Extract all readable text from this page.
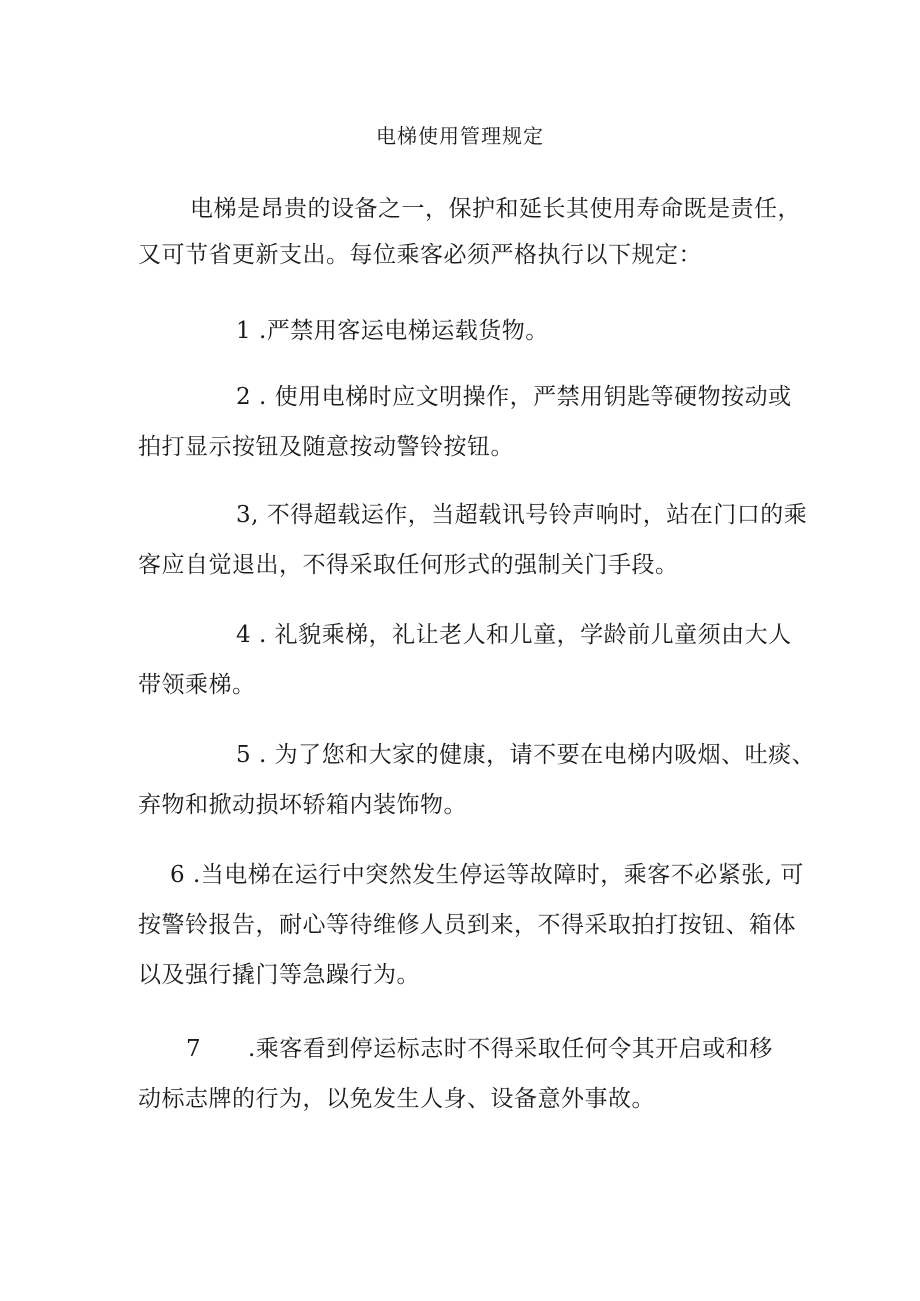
电梯使用管理规定
电梯是昂贵的设备之一，保护和延长其使用寿命既是责任，
又可节省更新支出。每位乘客必须严格执行以下规定：
1 .严禁用客运电梯运载货物。
2 . 使用电梯时应文明操作，严禁用钥匙等硬物按动或
拍打显示按钮及随意按动警铃按钮。
3, 不得超载运作，当超载讯号铃声响时，站在门口的乘
客应自觉退出，不得采取任何形式的强制关门手段。
4 . 礼貌乘梯，礼让老人和儿童，学龄前儿童须由大人
带领乘梯。
5 . 为了您和大家的健康，请不要在电梯内吸烟、吐痰、
弃物和掀动损坏轿箱内装饰物。
6 .当电梯在运行中突然发生停运等故障时，乘客不必紧张, 可
按警铃报告，耐心等待维修人员到来，不得采取拍打按钮、箱体
以及强行撬门等急躁行为。
7      .乘客看到停运标志时不得采取任何令其开启或和移
动标志牌的行为，以免发生人身、设备意外事故。
